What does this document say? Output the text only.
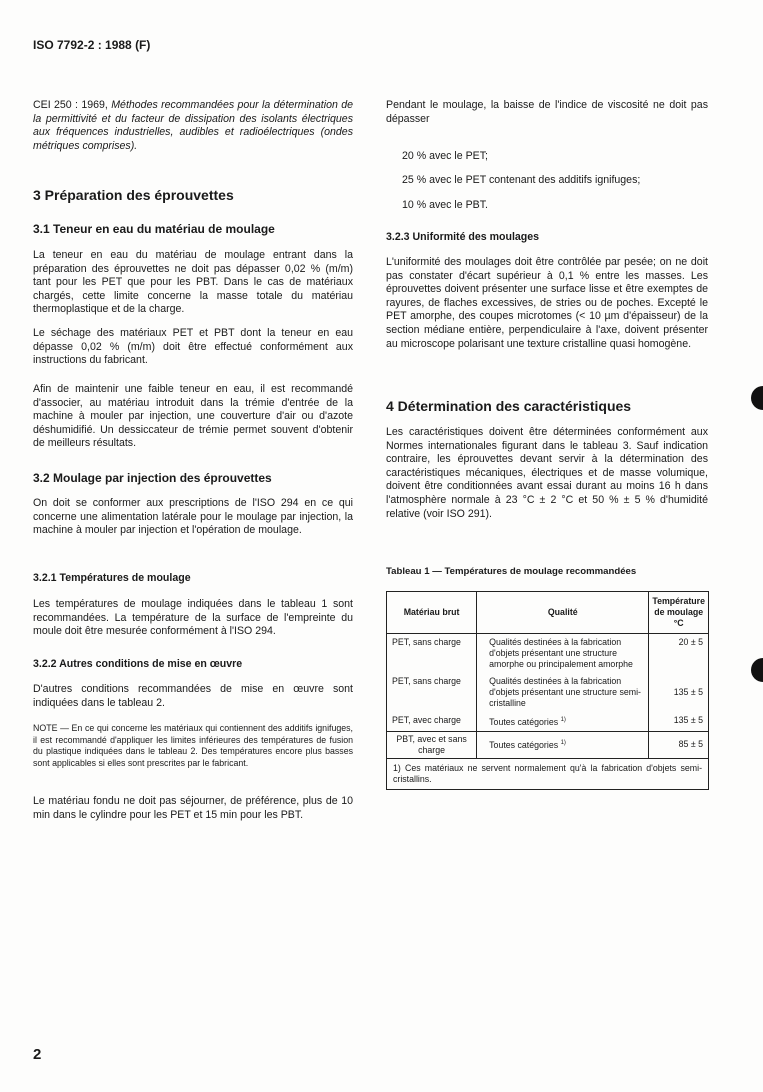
ISO 7792-2 : 1988 (F)
CEI 250 : 1969, Méthodes recommandées pour la détermination de la permittivité et du facteur de dissipation des isolants électriques aux fréquences industrielles, audibles et radioélectriques (ondes métriques comprises).
3 Préparation des éprouvettes
3.1 Teneur en eau du matériau de moulage
La teneur en eau du matériau de moulage entrant dans la préparation des éprouvettes ne doit pas dépasser 0,02 % (m/m) tant pour les PET que pour les PBT. Dans le cas de matériaux chargés, cette limite concerne la masse totale du matériau thermoplastique et de la charge.
Le séchage des matériaux PET et PBT dont la teneur en eau dépasse 0,02 % (m/m) doit être effectué conformément aux instructions du fabricant.
Afin de maintenir une faible teneur en eau, il est recommandé d'associer, au matériau introduit dans la trémie d'entrée de la machine à mouler par injection, une couverture d'air ou d'azote déshumidifié. Un dessiccateur de trémie permet souvent d'obtenir de meilleurs résultats.
3.2 Moulage par injection des éprouvettes
On doit se conformer aux prescriptions de l'ISO 294 en ce qui concerne une alimentation latérale pour le moulage par injection, la machine à mouler par injection et l'opération de moulage.
3.2.1 Températures de moulage
Les températures de moulage indiquées dans le tableau 1 sont recommandées. La température de la surface de l'empreinte du moule doit être mesurée conformément à l'ISO 294.
3.2.2 Autres conditions de mise en œuvre
D'autres conditions recommandées de mise en œuvre sont indiquées dans le tableau 2.
NOTE — En ce qui concerne les matériaux qui contiennent des additifs ignifuges, il est recommandé d'appliquer les limites inférieures des températures de fusion du plastique indiquées dans le tableau 2. Des températures encore plus basses sont applicables si elles sont prescrites par le fabricant.
Le matériau fondu ne doit pas séjourner, de préférence, plus de 10 min dans le cylindre pour les PET et 15 min pour les PBT.
Pendant le moulage, la baisse de l'indice de viscosité ne doit pas dépasser
20 % avec le PET;
25 % avec le PET contenant des additifs ignifuges;
10 % avec le PBT.
3.2.3 Uniformité des moulages
L'uniformité des moulages doit être contrôlée par pesée; on ne doit pas constater d'écart supérieur à 0,1 % entre les masses. Les éprouvettes doivent présenter une surface lisse et être exemptes de rayures, de flaches excessives, de stries ou de poches. Excepté le PET amorphe, des coupes microtomes (< 10 µm d'épaisseur) de la section médiane entière, perpendiculaire à l'axe, doivent présenter au microscope polarisant une texture cristalline quasi homogène.
4 Détermination des caractéristiques
Les caractéristiques doivent être déterminées conformément aux Normes internationales figurant dans le tableau 3. Sauf indication contraire, les éprouvettes devant servir à la détermination des caractéristiques mécaniques, électriques et de masse volumique, doivent être conditionnées avant essai durant au moins 16 h dans l'atmosphère normale à 23 °C ± 2 °C et 50 % ± 5 % d'humidité relative (voir ISO 291).
Tableau 1 — Températures de moulage recommandées
Matériau brut	Qualité	Température de moulage °C
PET, sans charge	Qualités destinées à la fabrication d'objets présentant une structure amorphe ou principalement amorphe	20 ± 5
PET, sans charge	Qualités destinées à la fabrication d'objets présentant une structure semi-cristalline	135 ± 5
PET, avec charge	Toutes catégories $^{1)}$	135 ± 5
PBT, avec et sans charge	Toutes catégories $^{1)}$	85 ± 5
1) Ces matériaux ne servent normalement qu'à la fabrication d'objets semi-cristallins.		
2
